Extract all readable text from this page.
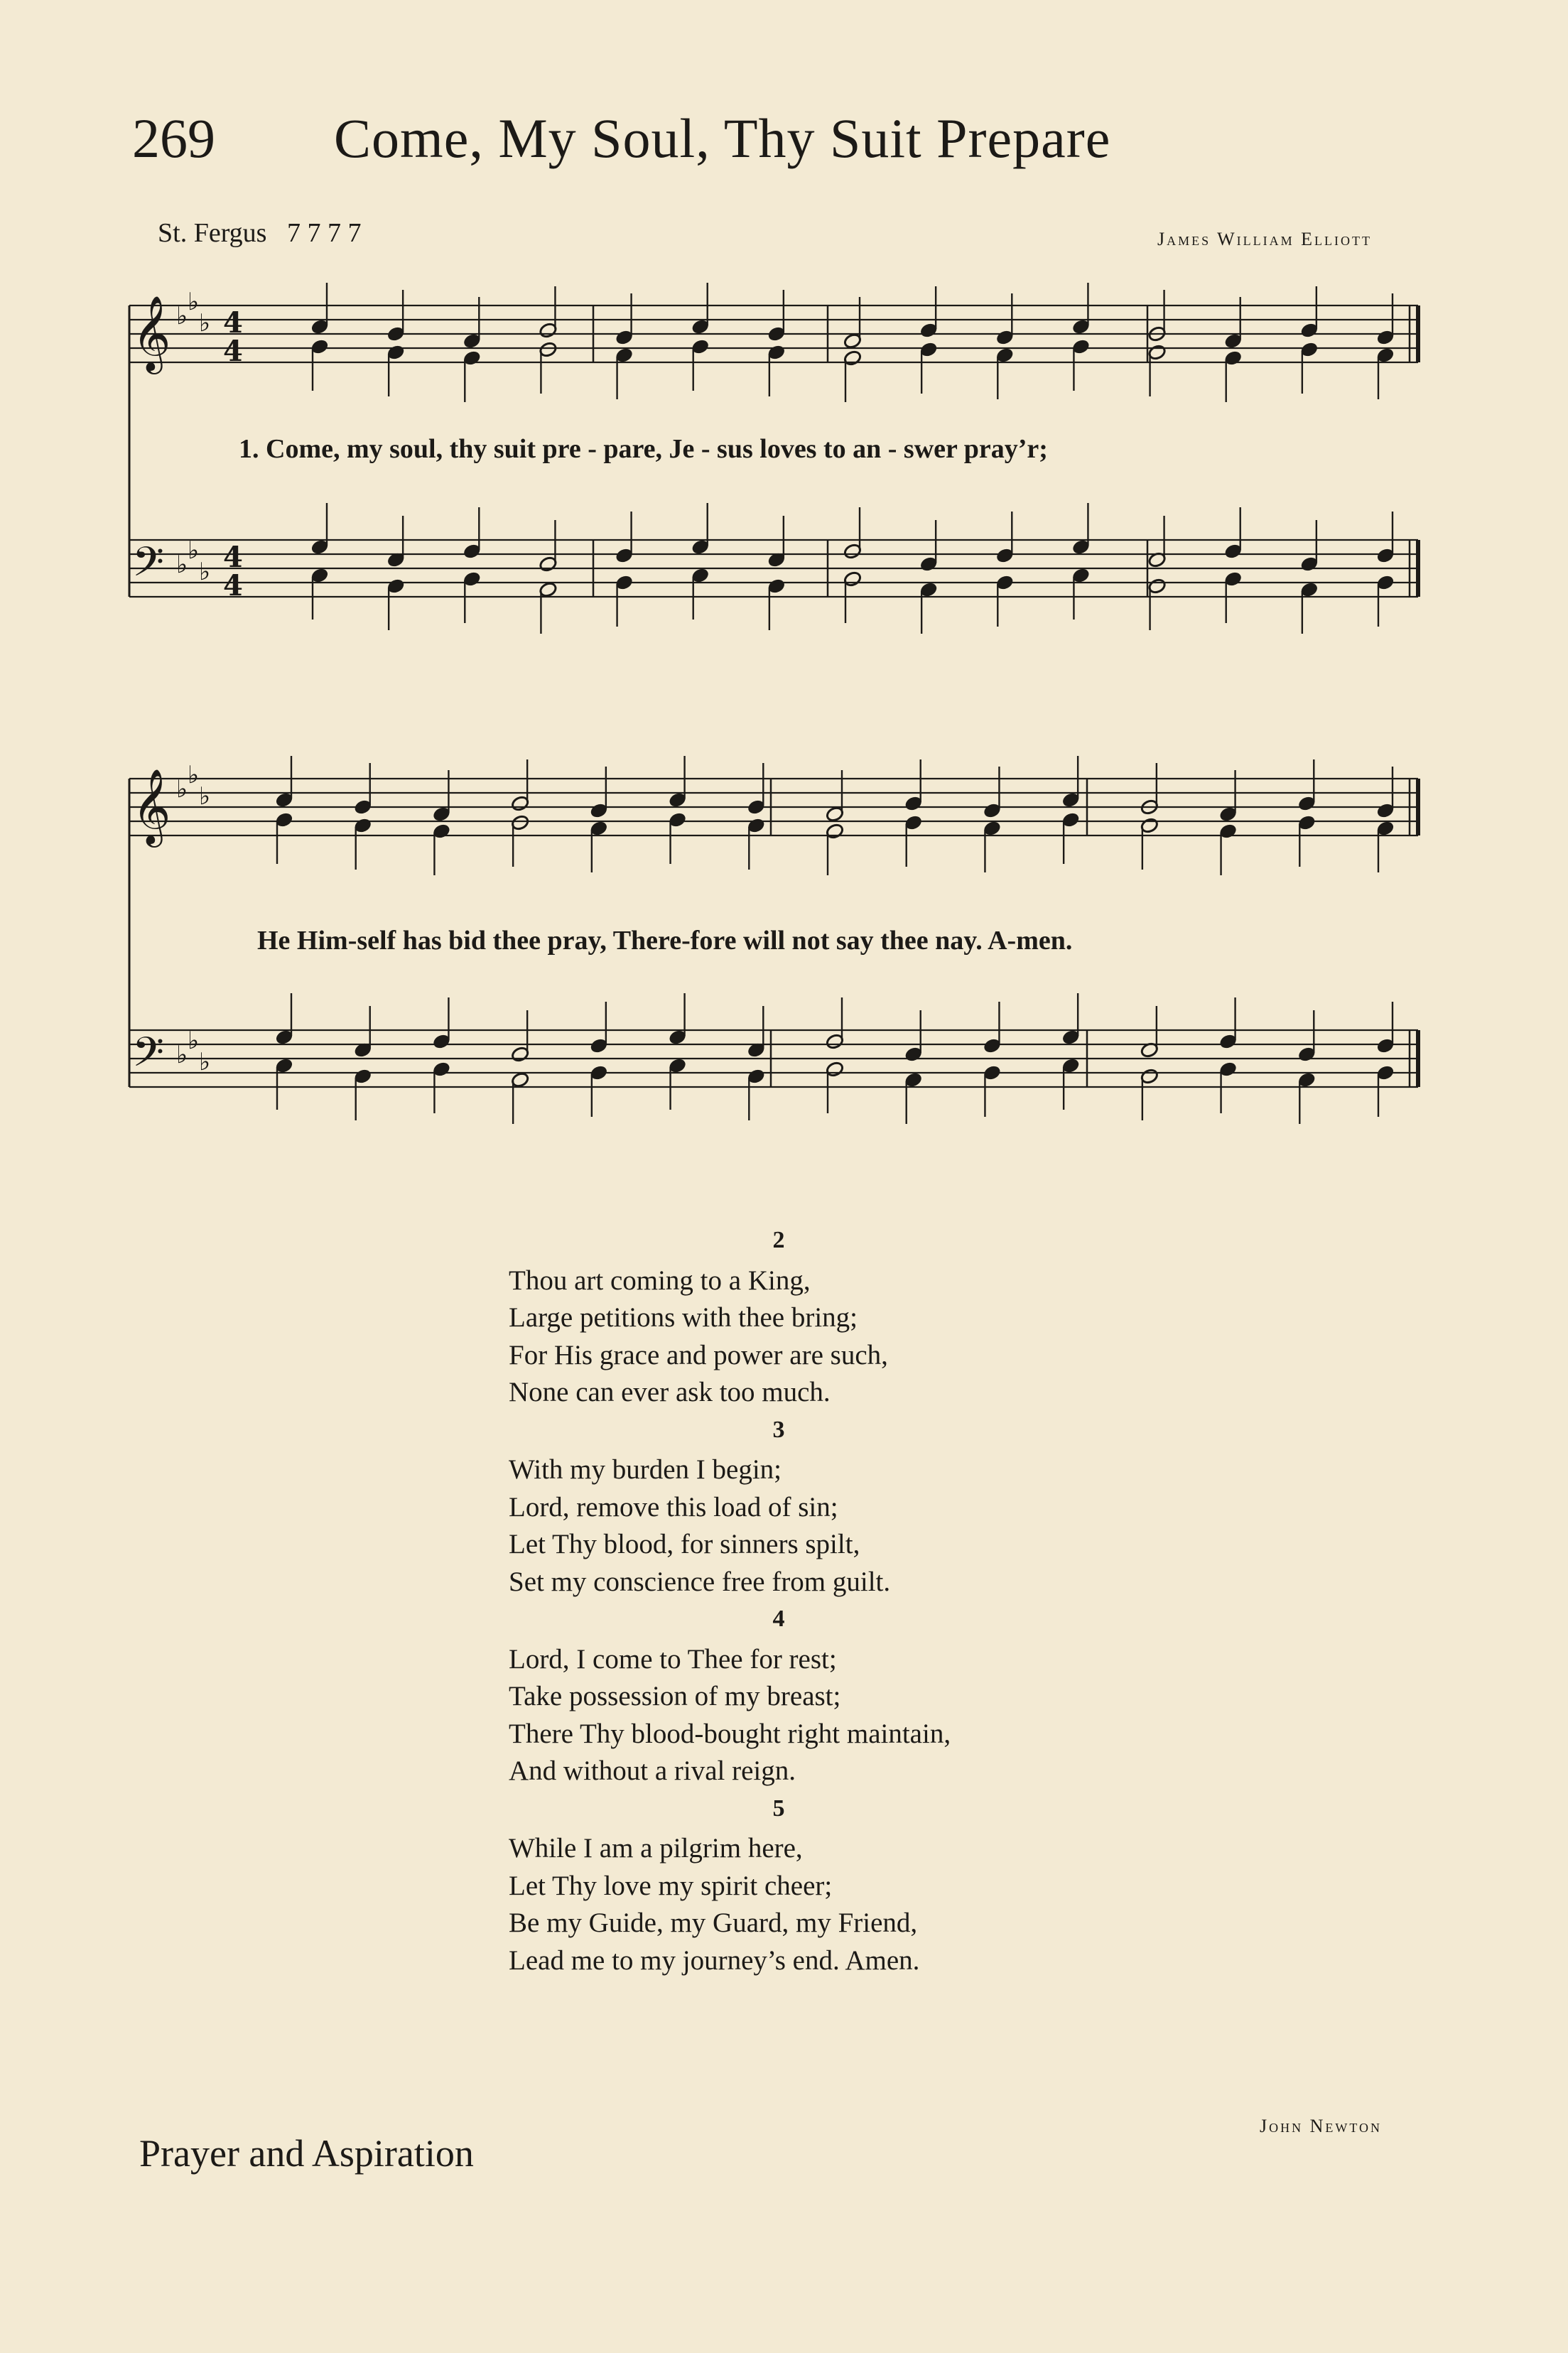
269 Come, My Soul, Thy Suit Prepare
St. Fergus 7 7 7 7	James William Elliott
𝄞
𝄢
♭ ♭
♭
♭ ♭
♭
4
4
4
4
𝄞
𝄢
♭ ♭
♭
♭ ♭
♭
1. Come, my soul, thy suit pre - pare, Je - sus loves to an - swer pray’r;
He Him-self has bid thee pray, There-fore will not say thee nay. A-men.
2
Thou art coming to a King,
Large petitions with thee bring;
For His grace and power are such,
None can ever ask too much.
3
With my burden I begin;
Lord, remove this load of sin;
Let Thy blood, for sinners spilt,
Set my conscience free from guilt.
4
Lord, I come to Thee for rest;
Take possession of my breast;
There Thy blood-bought right maintain,
And without a rival reign.
5
While I am a pilgrim here,
Let Thy love my spirit cheer;
Be my Guide, my Guard, my Friend,
Lead me to my journey’s end. Amen.
John Newton
Prayer and Aspiration
